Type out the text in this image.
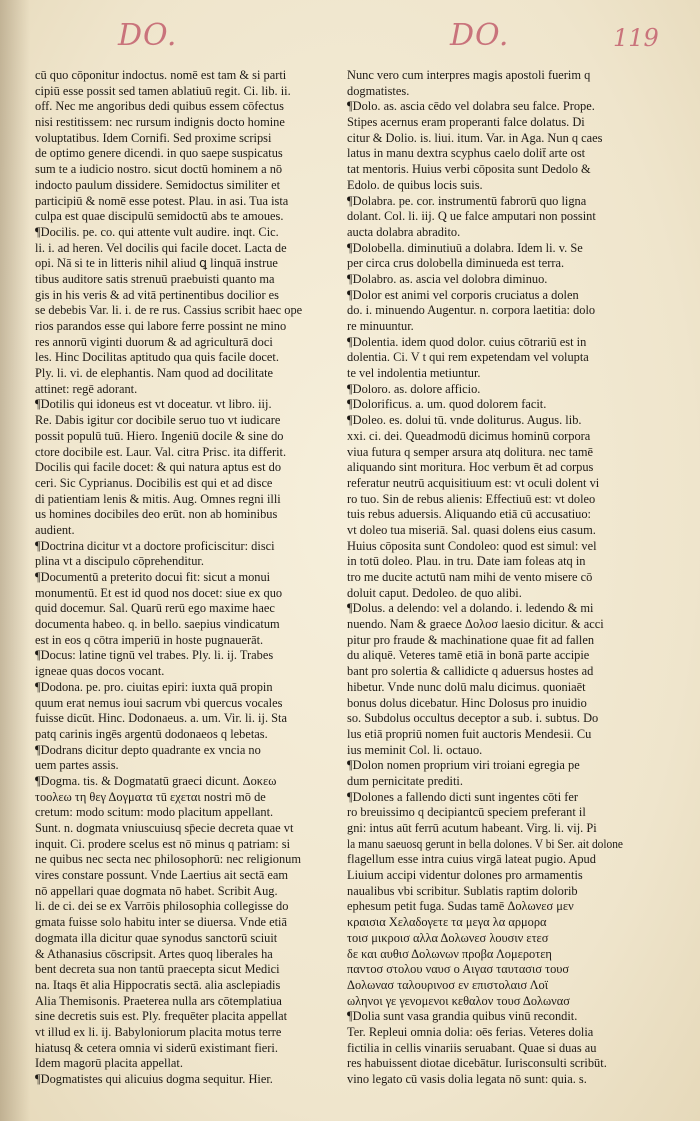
DO.	DO.	119
cū quo cōponitur indoctus. nomē est tam & si parti
cipiū esse possit sed tamen ablatiuū regit. Ci. lib. ii.
off. Nec me angoribus dedi quibus essem cōfectus
nisi restitissem: nec rursum indignis docto homine
voluptatibus. Idem Cornifi. Sed proxime scripsi
de optimo genere dicendi. in quo saepe suspicatus
sum te a iudicio nostro. sicut doctū hominem a nō
indocto paulum dissidere. Semidoctus similiter et
participiū & nomē esse potest. Plau. in asi. Tua ista
culpa est quae discipulū semidoctū abs te amoues.
¶Docilis. pe. co. qui attente vult audire. inqt. Cic.
li. i. ad heren. Vel docilis qui facile docet. Lacta de
opi. Nā si te in litteris nihil aliud ꝗ linquā instrue
tibus auditore satis strenuū praebuisti quanto ma
gis in his veris & ad vitā pertinentibus docilior es
se debebis Var. li. i. de re rus. Cassius scribit haec ope
rios parandos esse qui labore ferre possint ne mino
res annorū viginti duorum & ad agriculturā doci
les. Hinc Docilitas aptitudo qua quis facile docet.
Ply. li. vi. de elephantis. Nam quod ad docilitate
attinet: regē adorant.
¶Dotilis qui idoneus est vt doceatur. vt libro. iij.
Re. Dabis igitur cor docibile seruo tuo vt iudicare
possit populū tuū. Hiero. Ingeniū docile & sine do
ctore docibile est. Laur. Val. citra Prisc. ita differit.
Docilis qui facile docet: & qui natura aptus est do
ceri. Sic Cyprianus. Docibilis est qui et ad disce
di patientiam lenis & mitis. Aug. Omnes regni illi
us homines docibiles deo erūt. non ab hominibus
audient.
¶Doctrina dicitur vt a doctore proficiscitur: disci
plina vt a discipulo cōprehenditur.
¶Documentū a preterito docui fit: sicut a monui
monumentū. Et est id quod nos docet: siue ex quo
quid docemur. Sal. Quarū rerū ego maxime haec
documenta habeo. q. in bello. saepius vindicatum
est in eos q cōtra imperiū in hoste pugnauerāt.
¶Docus: latine tignū vel trabes. Ply. li. ij. Trabes
igneae quas docos vocant.
¶Dodona. pe. pro. ciuitas epiri: iuxta quā propin
quum erat nemus ioui sacrum vbi quercus vocales
fuisse dicūt. Hinc. Dodonaeus. a. um. Vir. li. ij. Sta
patq carinis ingēs argentū dodonaeos q lebetas.
¶Dodrans dicitur depto quadrante ex vncia no
uem partes assis.
¶Dogma. tis. & Dogmatatū graeci dicunt. Δοκεω
τοολεω τη θεγ Δογματα τū εχεται nostri mō de
cretum: modo scitum: modo placitum appellant.
Sunt. n. dogmata vniuscuiusq sp̄ecie decreta quae vt
inquit. Ci. prodere scelus est nō minus q patriam: si
ne quibus nec secta nec philosophorū: nec religionum
vires constare possunt. Vnde Laertius ait sectā eam
nō appellari quae dogmata nō habet. Scribit Aug.
li. de ci. dei se ex Varrōis philosophia collegisse do
gmata fuisse solo habitu inter se diuersa. Vnde etiā
dogmata illa dicitur quae synodus sanctorū sciuit
& Athanasius cōscripsit. Artes quoq liberales ha
bent decreta sua non tantū praecepta sicut Medici
na. Itaqs ēt alia Hippocratis sectā. alia asclepiadis
Alia Themisonis. Praeterea nulla ars cōtemplatiua
sine decretis suis est. Ply. frequēter placita appellat
vt illud ex li. ij. Babyloniorum placita motus terre
hiatusq & cetera omnia vi siderū existimant fieri.
Idem magorū placita appellat.
¶Dogmatistes qui alicuius dogma sequitur. Hier.
Nunc vero cum interpres magis apostoli fuerim q
dogmatistes.
¶Dolo. as. ascia cēdo vel dolabra seu falce. Prope.
Stipes acernus eram properanti falce dolatus. Di
citur & Dolio. is. liui. itum. Var. in Aga. Nun q caes
latus in manu dextra scyphus caelo dolit̄ arte ost
tat mentoris. Huius verbi cōposita sunt Dedolo &
Edolo. de quibus locis suis.
¶Dolabra. pe. cor. instrumentū fabrorū quo ligna
dolant. Col. li. iij. Q ue falce amputari non possint
aucta dolabra abradito.
¶Dolobella. diminutiuū a dolabra. Idem li. v. Se
per circa crus dolobella diminueda est terra.
¶Dolabro. as. ascia vel dolobra diminuo.
¶Dolor est animi vel corporis cruciatus a dolen
do. i. minuendo Augentur. n. corpora laetitia: dolo
re minuuntur.
¶Dolentia. idem quod dolor. cuius cōtrariū est in
dolentia. Ci. V t qui rem expetendam vel volupta
te vel indolentia metiuntur.
¶Doloro. as. dolore afficio.
¶Dolorificus. a. um. quod dolorem facit.
¶Doleo. es. dolui tū. vnde doliturus. Augus. lib.
xxi. ci. dei. Queadmodū dicimus hominū corpora
viua futura q semper arsura atq dolitura. nec tamē
aliquando sint moritura. Hoc verbum ēt ad corpus
referatur neutrū acquisitiuum est: vt oculi dolent vi
ro tuo. Sin de rebus alienis: Effectiuū est: vt doleo
tuis rebus aduersis. Aliquando etiā cū accusatiuo:
vt doleo tua miseriā. Sal. quasi dolens eius casum.
Huius cōposita sunt Condoleo: quod est simul: vel
in totū doleo. Plau. in tru. Date iam foleas atq in
tro me ducite actutū nam mihi de vento misere cō
doluit caput. Dedoleo. de quo alibi.
¶Dolus. a delendo: vel a dolando. i. ledendo & mi
nuendo. Nam & graece Δολοσ laesio dicitur. & acci
pitur pro fraude & machinatione quae fit ad fallen
du aliquē. Veteres tamē etiā in bonā parte accipie
bant pro solertia & callidicte q aduersus hostes ad
hibetur. Vnde nunc dolū malu dicimus. quoniaēt
bonus dolus dicebatur. Hinc Dolosus pro inuidio
so. Subdolus occultus deceptor a sub. i. subtus. Do
lus etiā propriū nomen fuit auctoris Mendesii. Cu
ius meminit Col. li. octauo.
¶Dolon nomen proprium viri troiani egregia pe
dum pernicitate prediti.
¶Dolones a fallendo dicti sunt ingentes cōti fer
ro breuissimo q decipiantcū speciem preferant il
gni: intus aūt ferrū acutum habeant. Virg. li. vij. Pi
la manu saeuosq gerunt in bella dolones. V bi Ser. ait dolone
flagellum esse intra cuius virgā lateat pugio. Apud
Liuium accipi videntur dolones pro armamentis
naualibus vbi scribitur. Sublatis raptim dolorib
ephesum petit fuga. Sudas tamē Δολωνεσ μεν
κραισια Χελαδογετε τα μεγα λα αρμορα
τοισ μικροισ αλλα Δολωνεσ λουσιν ετεσ
δε και αυθισ Δολωνων προβα Λομεροτεη
παντοσ στολου ναυσ ο Αιγασ ταυτασισ τουσ
Δολωνασ ταλουρινοσ εν επιστολαισ Λοϊ
ωληνοι γε γενομενοι κεθαλον τουσ Δολωνασ
¶Dolia sunt vasa grandia quibus vinū recondit.
Ter. Repleui omnia dolia: oēs ferias. Veteres dolia
fictilia in cellis vinariis seruabant. Quae si duas au
res habuissent diotae dicebātur. Iurisconsulti scribūt.
vino legato cū vasis dolia legata nō sunt: quia. s.
